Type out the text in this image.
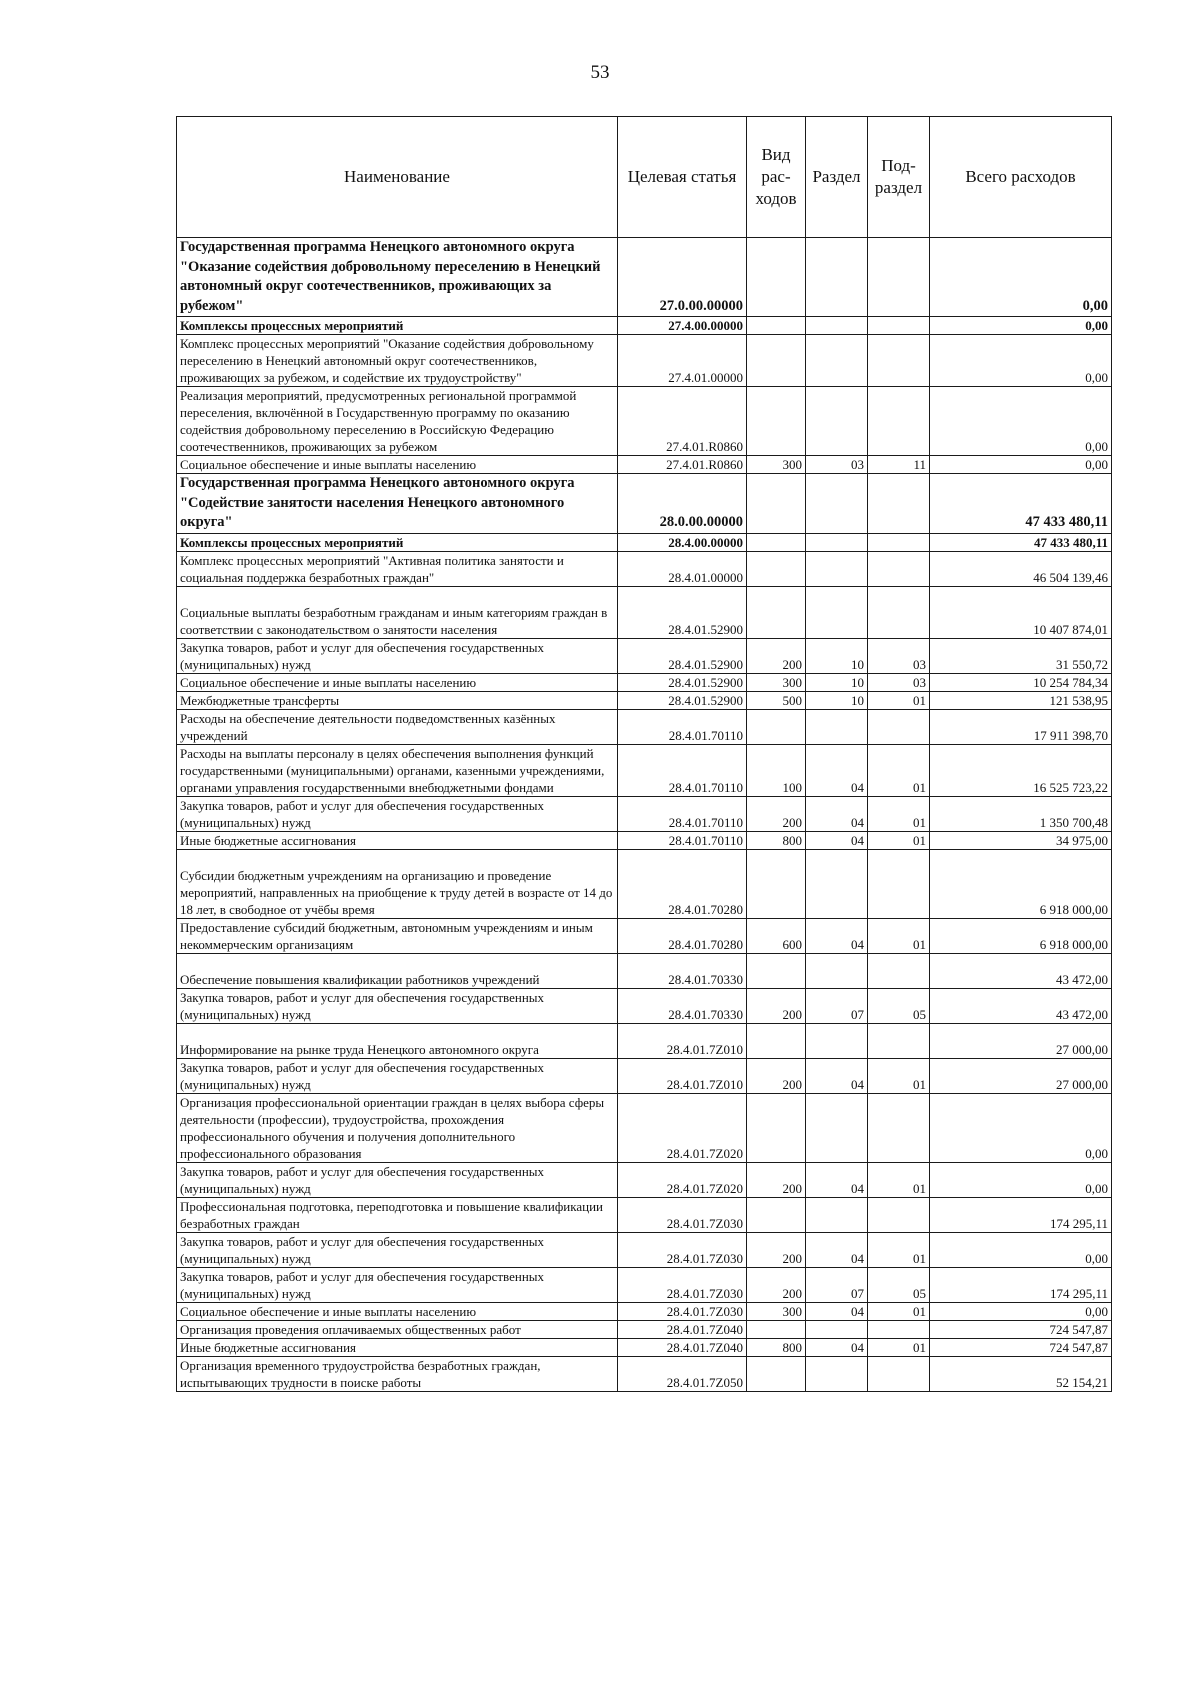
53
Наименование	Целевая статья	Вид рас- ходов	Раздел	Под- раздел	Всего расходов
Государственная программа Ненецкого автономного округа "Оказание содействия добровольному переселению в Ненецкий автономный округ соотечественников, проживающих за рубежом"	27.0.00.00000				0,00
Комплексы процессных мероприятий	27.4.00.00000				0,00
Комплекс процессных мероприятий "Оказание содействия добровольному переселению в Ненецкий автономный округ соотечественников, проживающих за рубежом, и содействие их трудоустройству"	27.4.01.00000				0,00
Реализация мероприятий, предусмотренных региональной программой переселения, включённой в Государственную программу по оказанию содействия добровольному переселению в Российскую Федерацию соотечественников, проживающих за рубежом	27.4.01.R0860				0,00
Социальное обеспечение и иные выплаты населению	27.4.01.R0860	300	03	11	0,00
Государственная программа Ненецкого автономного округа "Содействие занятости населения Ненецкого автономного округа"	28.0.00.00000				47 433 480,11
Комплексы процессных мероприятий	28.4.00.00000				47 433 480,11
Комплекс процессных мероприятий "Активная политика занятости и социальная поддержка безработных граждан"	28.4.01.00000				46 504 139,46
Социальные выплаты безработным гражданам и иным категориям граждан в соответствии с законодательством о занятости населения	28.4.01.52900				10 407 874,01
Закупка товаров, работ и услуг для обеспечения государственных (муниципальных) нужд	28.4.01.52900	200	10	03	31 550,72
Социальное обеспечение и иные выплаты населению	28.4.01.52900	300	10	03	10 254 784,34
Межбюджетные трансферты	28.4.01.52900	500	10	01	121 538,95
Расходы на обеспечение деятельности подведомственных казённых учреждений	28.4.01.70110				17 911 398,70
Расходы на выплаты персоналу в целях обеспечения выполнения функций государственными (муниципальными) органами, казенными учреждениями, органами управления государственными внебюджетными фондами	28.4.01.70110	100	04	01	16 525 723,22
Закупка товаров, работ и услуг для обеспечения государственных (муниципальных) нужд	28.4.01.70110	200	04	01	1 350 700,48
Иные бюджетные ассигнования	28.4.01.70110	800	04	01	34 975,00
Субсидии бюджетным учреждениям на организацию и проведение мероприятий, направленных на приобщение к труду детей в возрасте от 14 до 18 лет, в свободное от учёбы время	28.4.01.70280				6 918 000,00
Предоставление субсидий бюджетным, автономным учреждениям и иным некоммерческим организациям	28.4.01.70280	600	04	01	6 918 000,00
Обеспечение повышения квалификации работников учреждений	28.4.01.70330				43 472,00
Закупка товаров, работ и услуг для обеспечения государственных (муниципальных) нужд	28.4.01.70330	200	07	05	43 472,00
Информирование на рынке труда Ненецкого автономного округа	28.4.01.7Z010				27 000,00
Закупка товаров, работ и услуг для обеспечения государственных (муниципальных) нужд	28.4.01.7Z010	200	04	01	27 000,00
Организация профессиональной ориентации граждан в целях выбора сферы деятельности (профессии), трудоустройства, прохождения профессионального обучения и получения дополнительного профессионального образования	28.4.01.7Z020				0,00
Закупка товаров, работ и услуг для обеспечения государственных (муниципальных) нужд	28.4.01.7Z020	200	04	01	0,00
Профессиональная подготовка, переподготовка и повышение квалификации безработных граждан	28.4.01.7Z030				174 295,11
Закупка товаров, работ и услуг для обеспечения государственных (муниципальных) нужд	28.4.01.7Z030	200	04	01	0,00
Закупка товаров, работ и услуг для обеспечения государственных (муниципальных) нужд	28.4.01.7Z030	200	07	05	174 295,11
Социальное обеспечение и иные выплаты населению	28.4.01.7Z030	300	04	01	0,00
Организация проведения оплачиваемых общественных работ	28.4.01.7Z040				724 547,87
Иные бюджетные ассигнования	28.4.01.7Z040	800	04	01	724 547,87
Организация временного трудоустройства безработных граждан, испытывающих трудности в поиске работы	28.4.01.7Z050				52 154,21
